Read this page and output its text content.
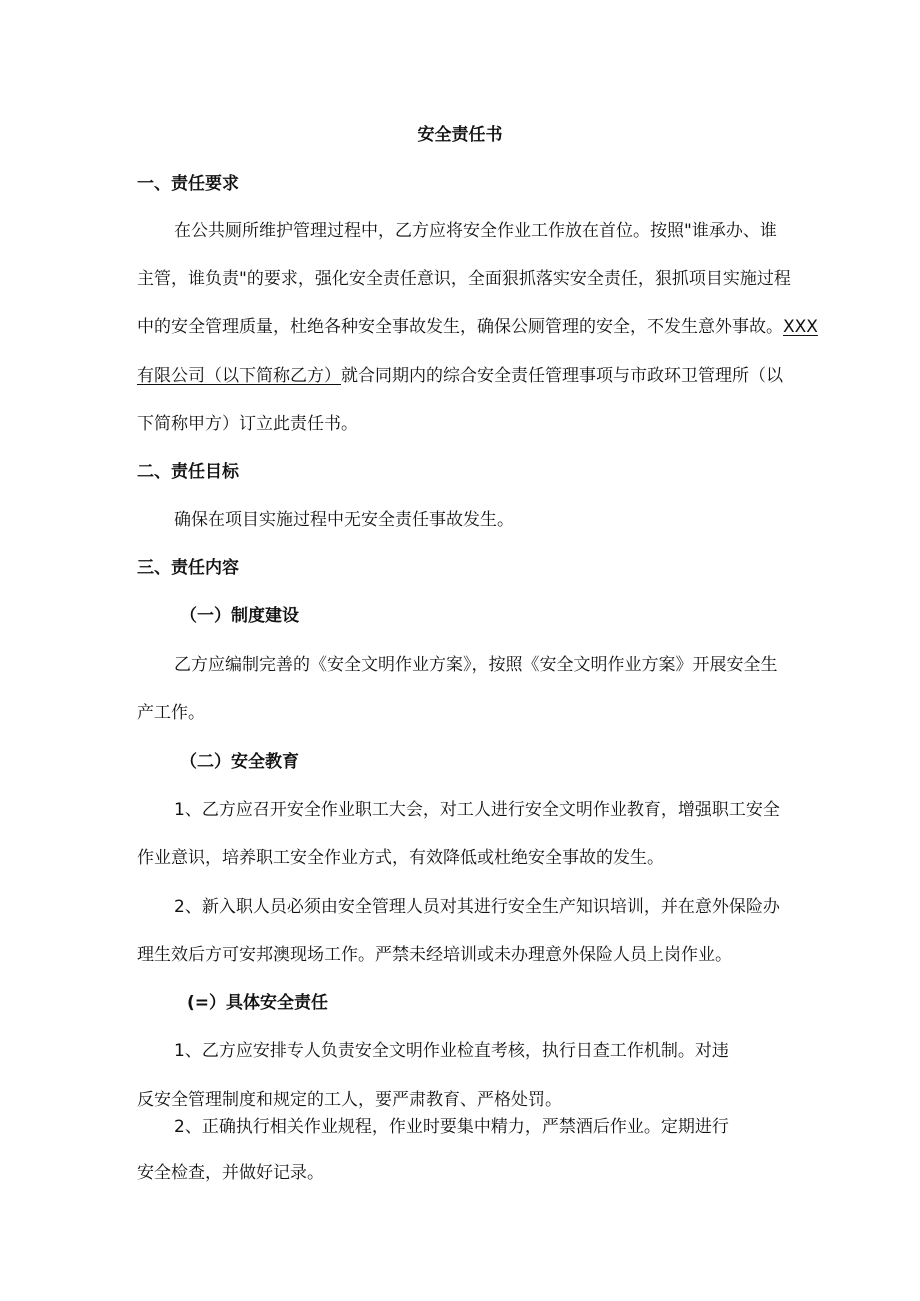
安全责任书

一、责任要求

在公共厕所维护管理过程中，乙方应将安全作业工作放在首位。按照"谁承办、谁

主管，谁负责"的要求，强化安全责任意识，全面狠抓落实安全责任，狠抓项目实施过程

中的安全管理质量，杜绝各种安全事故发生，确保公厕管理的安全，不发生意外事故。XXX

有限公司（以下简称乙方）就合同期内的综合安全责任管理事项与市政环卫管理所（以

下简称甲方）订立此责任书。

二、责任目标

确保在项目实施过程中无安全责任事故发生。

三、责任内容

（一）制度建设

乙方应编制完善的《安全文明作业方案》，按照《安全文明作业方案》开展安全生

产工作。

（二）安全教育

1、乙方应召开安全作业职工大会，对工人进行安全文明作业教育，增强职工安全

作业意识，培养职工安全作业方式，有效降低或杜绝安全事故的发生。

2、新入职人员必须由安全管理人员对其进行安全生产知识培训，并在意外保险办

理生效后方可安邦澳现场工作。严禁未经培训或未办理意外保险人员上岗作业。

(=）具体安全责任

1、乙方应安排专人负责安全文明作业检直考核，执行日查工作机制。对违

反安全管理制度和规定的工人，要严肃教育、严格处罚。

2、正确执行相关作业规程，作业时要集中精力，严禁酒后作业。定期进行

安全检查，并做好记录。
